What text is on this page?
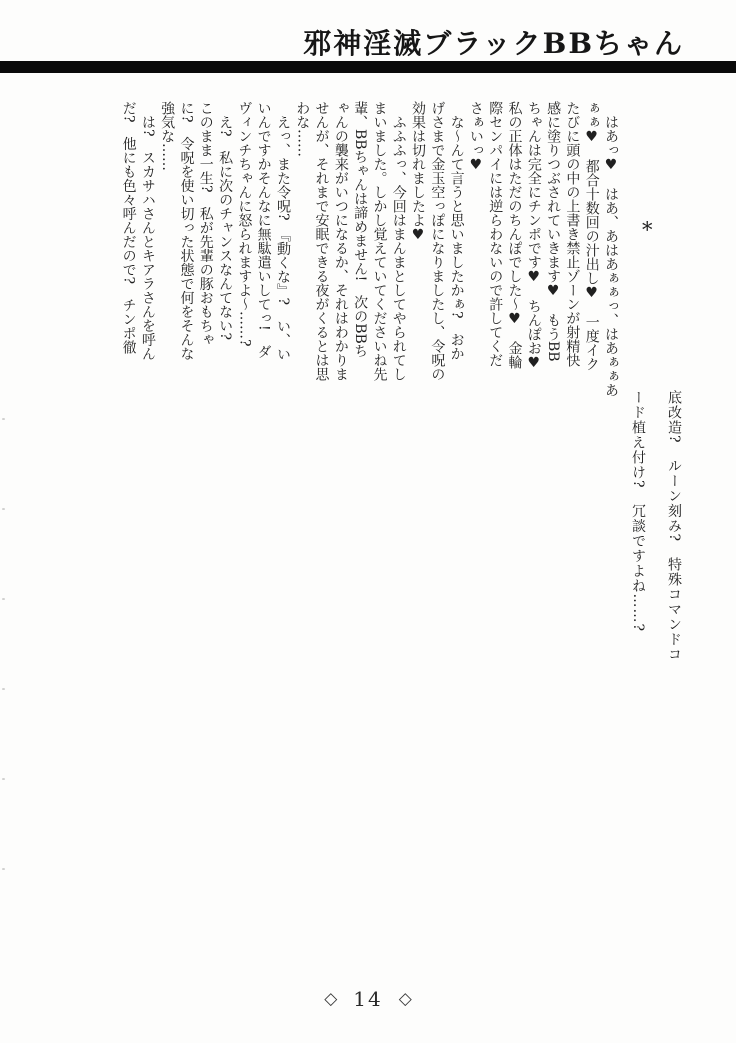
邪神淫滅ブラックBBちゃん
*
　はあっ♥　はあ、あはあぁぁっ、はあぁぁあ
ぁぁ♥　都合十数回の汁出し♥　一度イク
たびに頭の中の上書き禁止ゾーンが射精快
感に塗りつぶされていきます♥　もうBB
ちゃんは完全にチンポです♥　ちんぽお♥
私の正体はただのちんぽでした〜♥　金輪
際センパイには逆らわないので許してくだ
さぁいっ♥
　な〜んて言うと思いましたかぁ?　おか
げさまで金玉空っぽになりましたし、令呪の
効果は切れましたよ♥
　ふふふっ、今回はまんまとしてやられてし
まいました。しかし覚えていてくださいね先
輩、BBちゃんは諦めません!　次のBBち
ゃんの襲来がいつになるか、それはわかりま
せんが、それまで安眠できる夜がくるとは思
わな……
　えっ、また令呪?　『動くな』?　い、い
いんですかそんなに無駄遣いしてっ!　ダ
ヴィンチちゃんに怒られますよ〜……?
　え?　私に次のチャンスなんてない?
このまま一生?　私が先輩の豚おもちゃ
に?　令呪を使い切った状態で何をそんな
強気な……
　は?　スカサハさんとキアラさんを呼ん
だ?　他にも色々呼んだので?　チンポ徹
底改造?　ルーン刻み?　特殊コマンドコ
ード植え付け?　冗談ですよね……?
◇ 14 ◇
